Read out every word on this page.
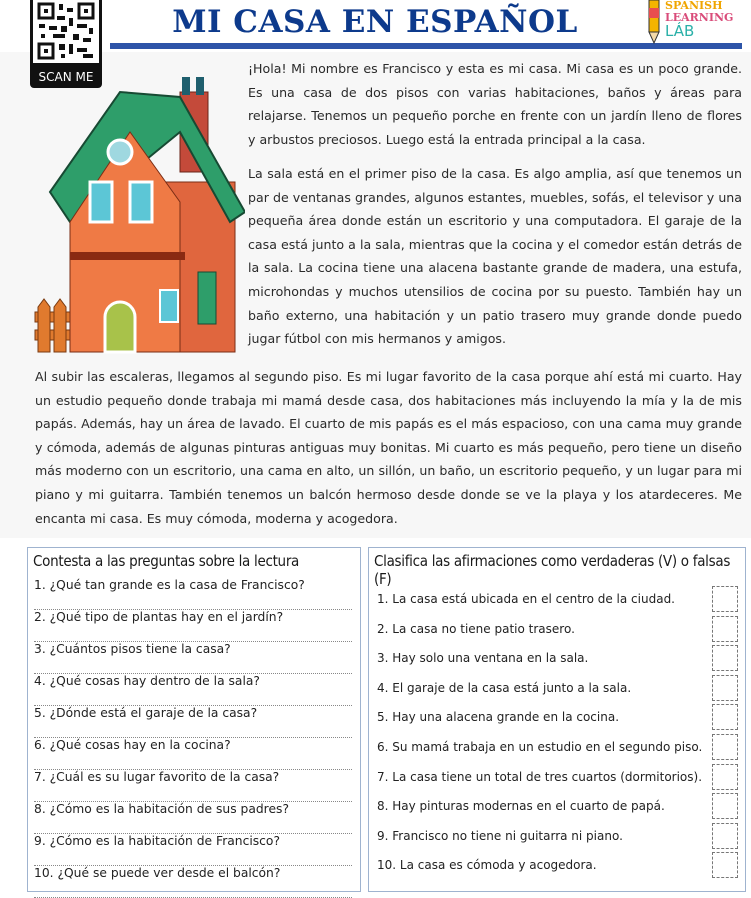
SCAN ME
MI CASA EN ESPAÑOL	SPANISH
LEARNING
LÁB

¡Hola! Mi nombre es Francisco y esta es mi casa. Mi casa es un poco grande. Es una casa de dos pisos con varias habitaciones, baños y áreas para relajarse. Tenemos un pequeño porche en frente con un jardín lleno de flores y arbustos preciosos. Luego está la entrada principal a la casa.

La sala está en el primer piso de la casa. Es algo amplia, así que tenemos un par de ventanas grandes, algunos estantes, muebles, sofás, el televisor y una pequeña área donde están un escritorio y una computadora. El garaje de la casa está junto a la sala, mientras que la cocina y el comedor están detrás de la sala. La cocina tiene una alacena bastante grande de madera, una estufa, microhondas y muchos utensilios de cocina por su puesto. También hay un baño externo, una habitación y un patio trasero muy grande donde puedo jugar fútbol con mis hermanos y amigos.

Al subir las escaleras, llegamos al segundo piso. Es mi lugar favorito de la casa porque ahí está mi cuarto. Hay un estudio pequeño donde trabaja mi mamá desde casa, dos habitaciones más incluyendo la mía y la de mis papás. Además, hay un área de lavado. El cuarto de mis papás es el más espacioso, con una cama muy grande y cómoda, además de algunas pinturas antiguas muy bonitas. Mi cuarto es más pequeño, pero tiene un diseño más moderno con un escritorio, una cama en alto, un sillón, un baño, un escritorio pequeño, y un lugar para mi piano y mi guitarra. También tenemos un balcón hermoso desde donde se ve la playa y los atardeceres. Me encanta mi casa. Es muy cómoda, moderna y acogedora.

Contesta a las preguntas sobre la lectura
1. ¿Qué tan grande es la casa de Francisco?
2. ¿Qué tipo de plantas hay en el jardín?
3. ¿Cuántos pisos tiene la casa?
4. ¿Qué cosas hay dentro de la sala?
5. ¿Dónde está el garaje de la casa?
6. ¿Qué cosas hay en la cocina?
7. ¿Cuál es su lugar favorito de la casa?
8. ¿Cómo es la habitación de sus padres?
9. ¿Cómo es la habitación de Francisco?
10. ¿Qué se puede ver desde el balcón?
Clasifica las afirmaciones como verdaderas (V) o falsas (F)
1. La casa está ubicada en el centro de la ciudad.
2. La casa no tiene patio trasero.
3. Hay solo una ventana en la sala.
4. El garaje de la casa está junto a la sala.
5. Hay una alacena grande en la cocina.
6. Su mamá trabaja en un estudio en el segundo piso.
7. La casa tiene un total de tres cuartos (dormitorios).
8. Hay pinturas modernas en el cuarto de papá.
9. Francisco no tiene ni guitarra ni piano.
10. La casa es cómoda y acogedora.
